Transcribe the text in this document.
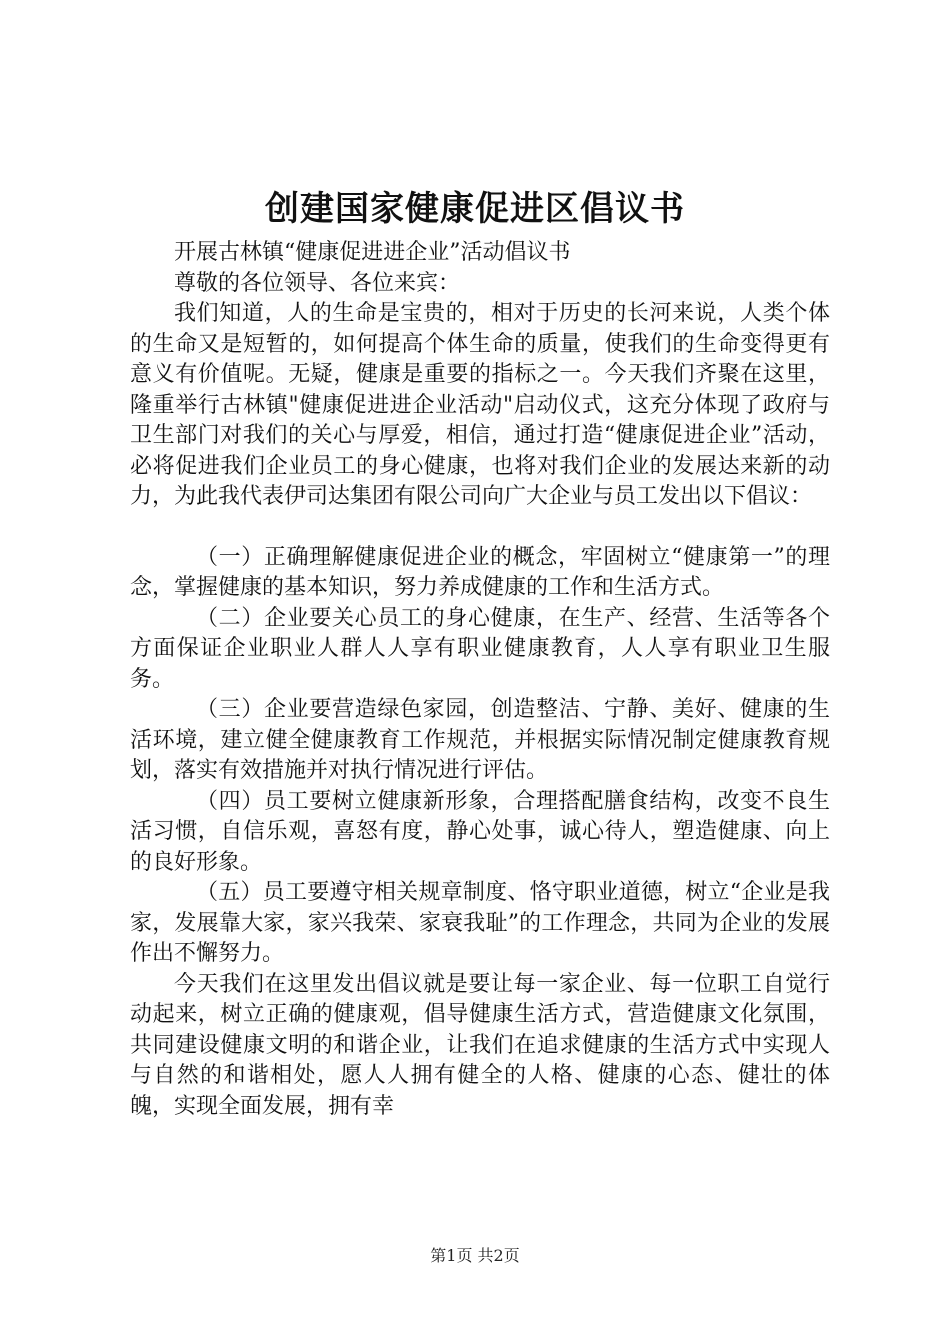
创建国家健康促进区倡议书

开展古林镇“健康促进进企业”活动倡议书

尊敬的各位领导、各位来宾：

我们知道，人的生命是宝贵的，相对于历史的长河来说，人类个体的生命又是短暂的，如何提高个体生命的质量，使我们的生命变得更有意义有价值呢。无疑，健康是重要的指标之一。今天我们齐聚在这里，隆重举行古林镇"健康促进进企业活动"启动仪式，这充分体现了政府与卫生部门对我们的关心与厚爱，相信，通过打造“健康促进企业”活动，必将促进我们企业员工的身心健康，也将对我们企业的发展达来新的动力，为此我代表伊司达集团有限公司向广大企业与员工发出以下倡议：

（一）正确理解健康促进企业的概念，牢固树立“健康第一”的理念，掌握健康的基本知识，努力养成健康的工作和生活方式。

（二）企业要关心员工的身心健康，在生产、经营、生活等各个方面保证企业职业人群人人享有职业健康教育，人人享有职业卫生服务。

（三）企业要营造绿色家园，创造整洁、宁静、美好、健康的生活环境，建立健全健康教育工作规范，并根据实际情况制定健康教育规划，落实有效措施并对执行情况进行评估。

（四）员工要树立健康新形象，合理搭配膳食结构，改变不良生活习惯，自信乐观，喜怒有度，静心处事，诚心待人，塑造健康、向上的良好形象。

（五）员工要遵守相关规章制度、恪守职业道德，树立“企业是我家，发展靠大家，家兴我荣、家衰我耻”的工作理念，共同为企业的发展作出不懈努力。

今天我们在这里发出倡议就是要让每一家企业、每一位职工自觉行动起来，树立正确的健康观，倡导健康生活方式，营造健康文化氛围，共同建设健康文明的和谐企业，让我们在追求健康的生活方式中实现人与自然的和谐相处，愿人人拥有健全的人格、健康的心态、健壮的体魄，实现全面发展，拥有幸

第1页 共2页
